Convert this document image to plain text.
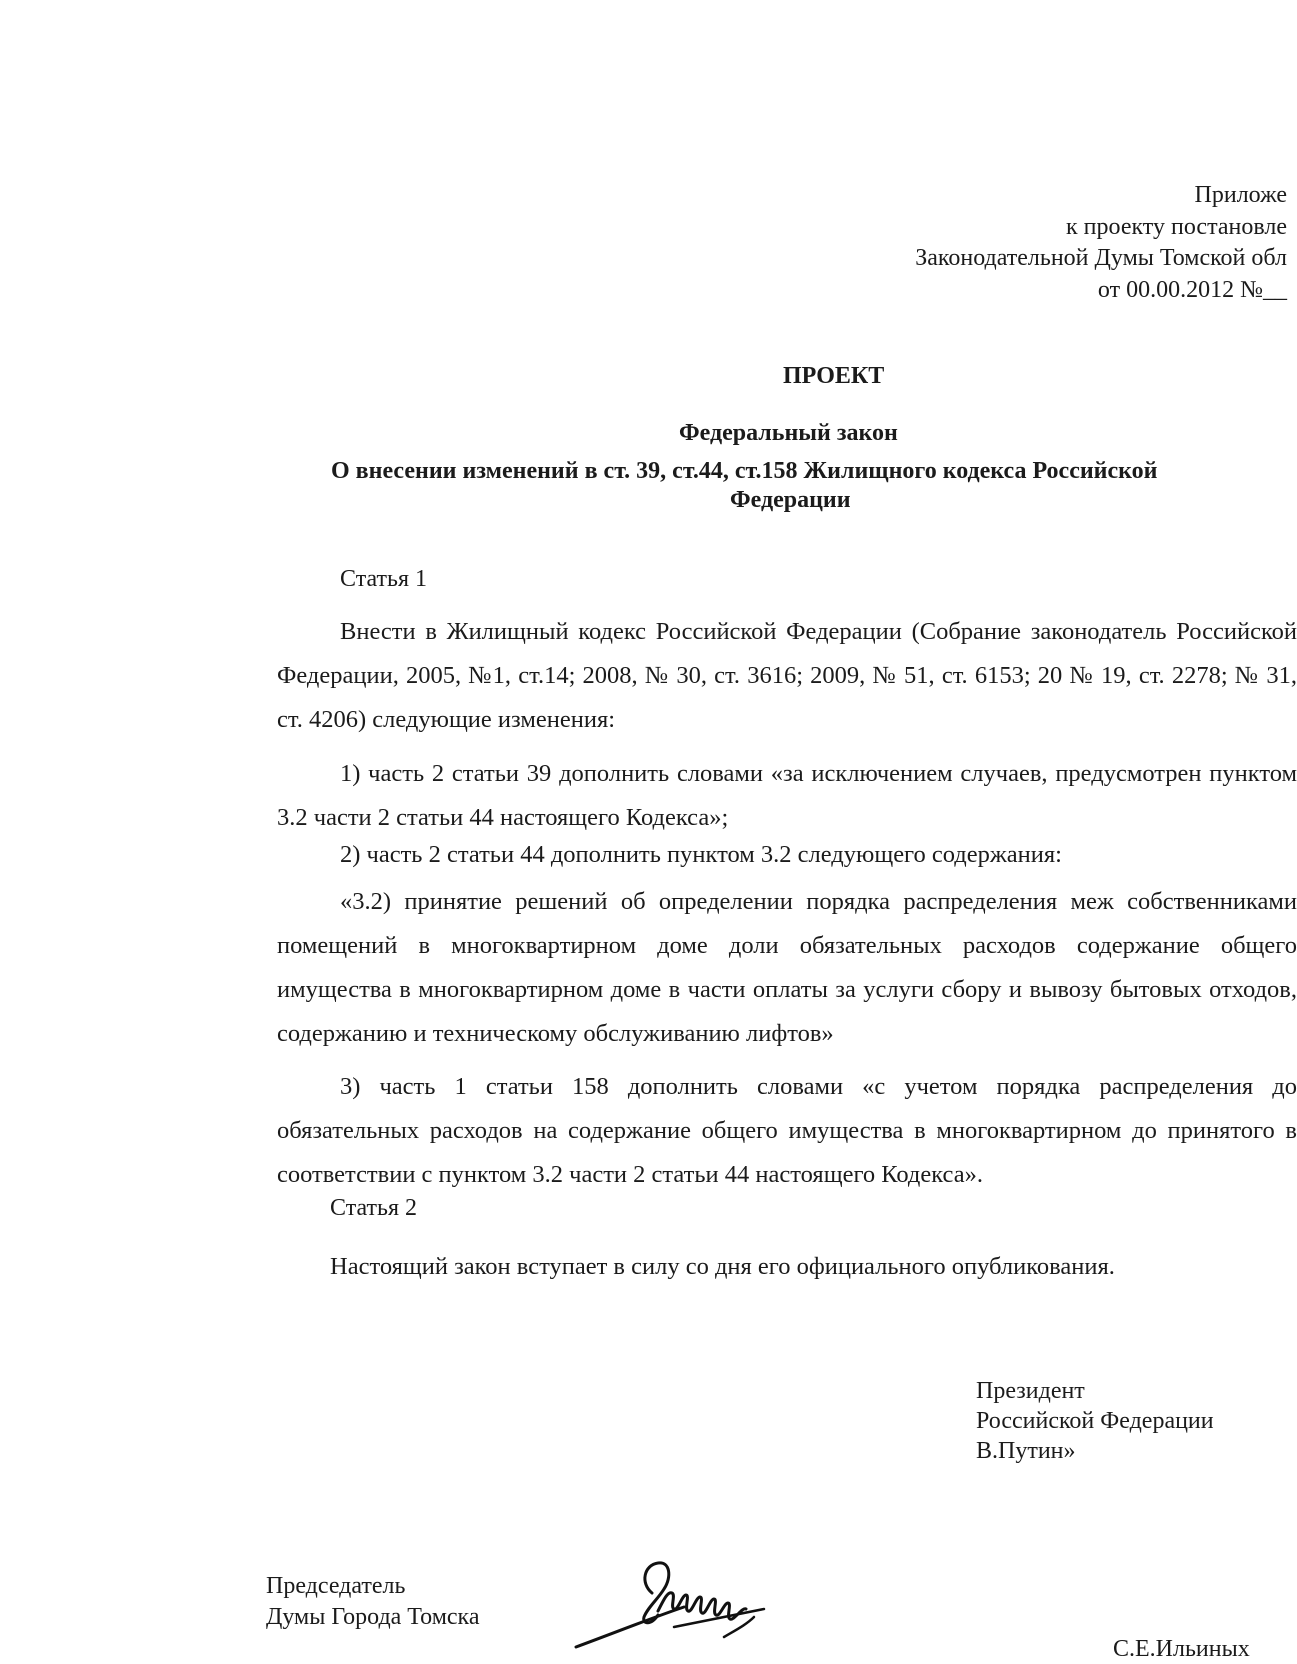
Приложе
к проекту постановле
Законодательной Думы Томской обл
от 00.00.2012 №__
ПРОЕКТ
Федеральный закон
О внесении изменений в ст. 39, ст.44, ст.158 Жилищного кодекса Российской
Федерации
Статья 1
Внести в Жилищный кодекс Российской Федерации (Собрание законодатель Российской Федерации, 2005, №1, ст.14; 2008, № 30, ст. 3616; 2009, № 51, ст. 6153; 20 № 19, ст. 2278; № 31, ст. 4206) следующие изменения:
1) часть 2 статьи 39 дополнить словами «за исключением случаев, предусмотрен пунктом 3.2 части 2 статьи 44 настоящего Кодекса»;
2) часть 2 статьи 44 дополнить пунктом 3.2 следующего содержания:
«3.2) принятие решений об определении порядка распределения меж собственниками помещений в многоквартирном доме доли обязательных расходов содержание общего имущества в многоквартирном доме в части оплаты за услуги сбору и вывозу бытовых отходов, содержанию и техническому обслуживанию лифтов»
3) часть 1 статьи 158 дополнить словами «с учетом порядка распределения до обязательных расходов на содержание общего имущества в многоквартирном до принятого в соответствии с пунктом 3.2 части 2 статьи 44 настоящего Кодекса».
Статья 2
Настоящий закон вступает в силу со дня его официального опубликования.
Президент
Российской Федерации
В.Путин»
Председатель
Думы Города Томска
С.Е.Ильиных
